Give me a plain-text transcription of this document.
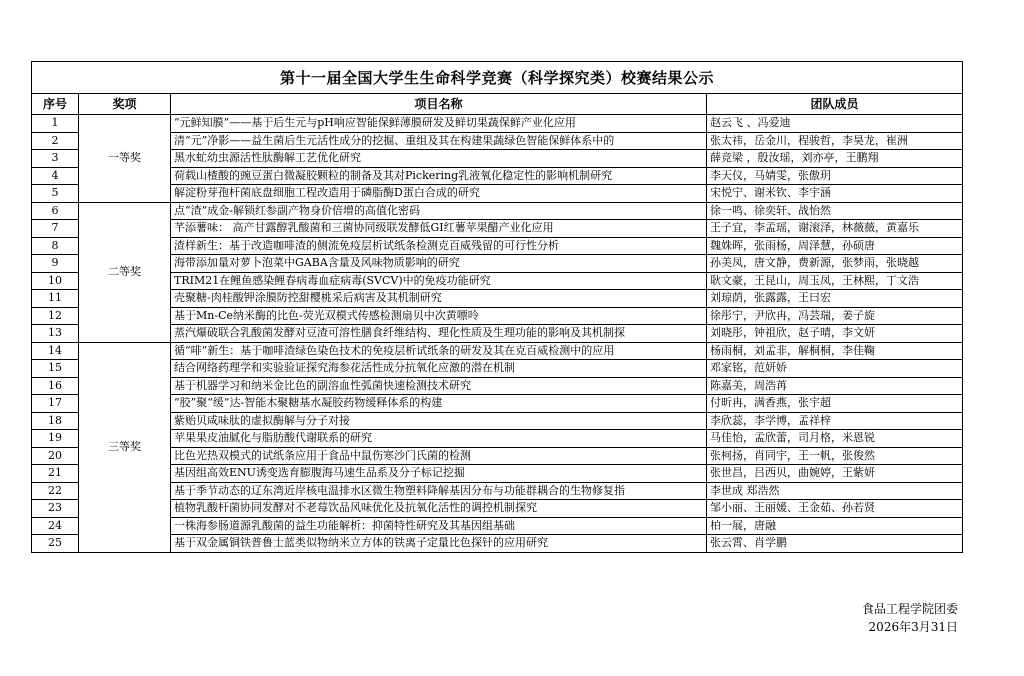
第十一届全国大学生生命科学竞赛（科学探究类）校赛结果公示			
序号	奖项	项目名称	团队成员
1	一等奖	“元鲜知膜”——基于后生元与pH响应智能保鲜薄膜研发及鲜切果蔬保鲜产业化应用	赵云飞 、冯爱迪
2		清“元”净影——益生菌后生元活性成分的挖掘、重组及其在构建果蔬绿色智能保鲜体系中的	张太祎，岳金川，程骏哲，李昊龙，崔洲
3		黑水虻幼虫源活性肽酶解工艺优化研究	薛竞梁 ，殷汝瑶，刘亦亭，王鹏翔
4		荷载山楂酸的豌豆蛋白微凝胶颗粒的制备及其对Pickering乳液氧化稳定性的影响机制研究	李天仪，马婧雯，张傲玥
5		解淀粉芽孢杆菌底盘细胞工程改造用于磷脂酶D蛋白合成的研究	宋悦宁、谢米钦、李宇涵
6	二等奖	点“渣”成金-解锁红参副产物身价倍增的高值化密码	徐一鸣、徐奕轩、战怡然
7		芊添薯味： 高产甘露醇乳酸菌和三菌协同级联发酵低GI红薯苹果醋产业化应用	王子宜，李孟瑶，谢滚泽，林薇薇，黄嘉乐
8		渣样新生：基于改造咖啡渣的侧流免疫层析试纸条检测克百威残留的可行性分析	魏姝晖，张雨杨，周泽慧，孙硕唐
9		海带添加量对萝卜泡菜中GABA含量及风味物质影响的研究	孙美凤，唐文静，费新源，张梦雨，张晓越
10		TRIM21在鲤鱼感染鲤春病毒血症病毒(SVCV)中的免疫功能研究	耿文豪，王昆山，周玉凤，王林熙，丁文浩
11		壳聚糖-肉桂酸钾涂膜防控甜樱桃采后病害及其机制研究	刘琼荫，张露露，王曰宏
12		基于Mn-Ce纳米酶的比色-荧光双模式传感检测扇贝中次黄嘌呤	徐彤宁，尹欣冉，冯芸瑞，姜子旋
13		蒸汽爆破联合乳酸菌发酵对豆渣可溶性膳食纤维结构、理化性质及生理功能的影响及其机制探	刘晓彤，钟祖欣，赵子晴，李文妍
14	三等奖	循“啡”新生：基于咖啡渣绿色染色技术的免疫层析试纸条的研发及其在克百威检测中的应用	杨雨桐，刘孟非，解桐桐，李佳鞠
15		结合网络药理学和实验验证探究海参花活性成分抗氧化应激的潜在机制	邓家铭，范妍娇
16		基于机器学习和纳米金比色的副溶血性弧菌快速检测技术研究	陈嘉美，周浩苒
17		“胶”聚“缓”达-智能木聚糖基水凝胶药物缓释体系的构建	付昕冉，满香燕，张宇超
18		紫贻贝咸味肽的虚拟酶解与分子对接	李欣蕊，李学博，孟祥梓
19		苹果果皮油腻化与脂肪酸代谢联系的研究	马佳怡，孟欣蕾，司月格，米恩锐
20		比色光热双模式的试纸条应用于食品中鼠伤寒沙门氏菌的检测	张柯扬，肖同宇，王一帆，张俊然
21		基因组高效ENU诱变选育膨腹海马速生品系及分子标记挖掘	张世昌，吕西贝，曲婉婷，王紫妍
22		基于季节动态的辽东湾近岸核电温排水区微生物塑料降解基因分布与功能群耦合的生物修复指	李世成 郑浩然
23		植物乳酸杆菌协同发酵对不老莓饮品风味优化及抗氧化活性的调控机制探究	邹小丽、王丽媛、王金茹、孙若贤
24		一株海参肠道源乳酸菌的益生功能解析：抑菌特性研究及其基因组基础	柏一展，唐融
25		基于双金属铜铁普鲁士蓝类似物纳米立方体的铁离子定量比色探针的应用研究	张云霄、肖学鹏
食品工程学院团委
2026年3月31日
